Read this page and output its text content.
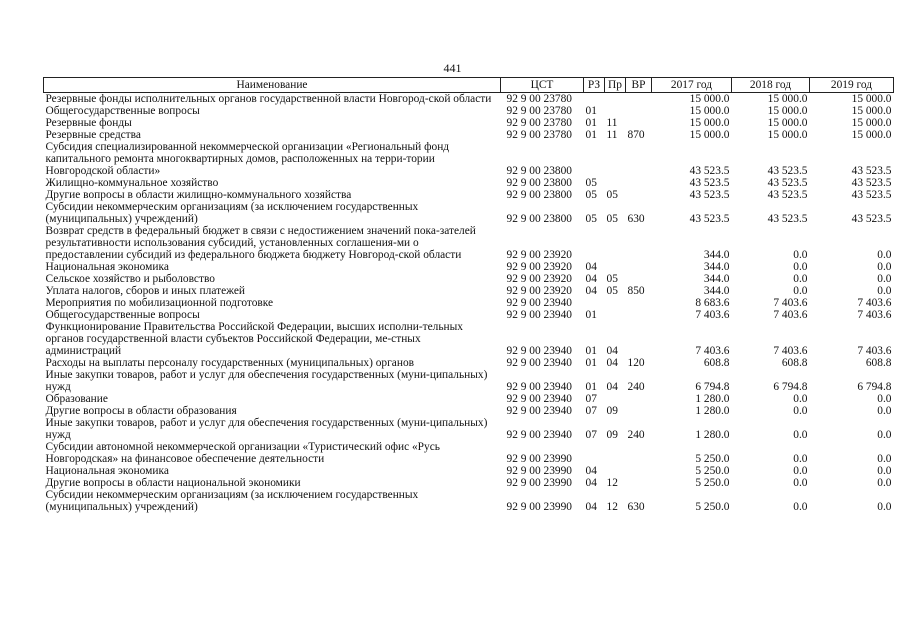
441
Наименование	ЦСТ	РЗ	Пр	ВР	2017 год	2018 год	2019 год
Резервные фонды исполнительных органов государственной власти Новгород-ской области	92 9 00 23780				15 000.0	15 000.0	15 000.0
Общегосударственные вопросы	92 9 00 23780	01			15 000.0	15 000.0	15 000.0
Резервные фонды	92 9 00 23780	01	11		15 000.0	15 000.0	15 000.0
Резервные средства	92 9 00 23780	01	11	870	15 000.0	15 000.0	15 000.0
Субсидия специализированной некоммерческой организации «Региональный фонд капитального ремонта многоквартирных домов, расположенных на терри-тории Новгородской области»	92 9 00 23800				43 523.5	43 523.5	43 523.5
Жилищно-коммунальное хозяйство	92 9 00 23800	05			43 523.5	43 523.5	43 523.5
Другие вопросы в области жилищно-коммунального хозяйства	92 9 00 23800	05	05		43 523.5	43 523.5	43 523.5
Субсидии некоммерческим организациям (за исключением государственных (муниципальных) учреждений)	92 9 00 23800	05	05	630	43 523.5	43 523.5	43 523.5
Возврат средств в федеральный бюджет в связи с недостижением значений пока-зателей результативности использования субсидий, установленных соглашения-ми о предоставлении субсидий из федерального бюджета бюджету Новгород-ской области	92 9 00 23920				344.0	0.0	0.0
Национальная экономика	92 9 00 23920	04			344.0	0.0	0.0
Сельское хозяйство и рыболовство	92 9 00 23920	04	05		344.0	0.0	0.0
Уплата налогов, сборов и иных платежей	92 9 00 23920	04	05	850	344.0	0.0	0.0
Мероприятия по мобилизационной подготовке	92 9 00 23940				8 683.6	7 403.6	7 403.6
Общегосударственные вопросы	92 9 00 23940	01			7 403.6	7 403.6	7 403.6
Функционирование Правительства Российской Федерации, высших исполни-тельных органов государственной власти субъектов Российской Федерации, ме-стных администраций	92 9 00 23940	01	04		7 403.6	7 403.6	7 403.6
Расходы на выплаты персоналу государственных (муниципальных) органов	92 9 00 23940	01	04	120	608.8	608.8	608.8
Иные закупки товаров, работ и услуг для обеспечения государственных (муни-ципальных) нужд	92 9 00 23940	01	04	240	6 794.8	6 794.8	6 794.8
Образование	92 9 00 23940	07			1 280.0	0.0	0.0
Другие вопросы в области образования	92 9 00 23940	07	09		1 280.0	0.0	0.0
Иные закупки товаров, работ и услуг для обеспечения государственных (муни-ципальных) нужд	92 9 00 23940	07	09	240	1 280.0	0.0	0.0
Субсидии автономной некоммерческой организации «Туристический офис «Русь Новгородская» на финансовое обеспечение деятельности	92 9 00 23990				5 250.0	0.0	0.0
Национальная экономика	92 9 00 23990	04			5 250.0	0.0	0.0
Другие вопросы в области национальной экономики	92 9 00 23990	04	12		5 250.0	0.0	0.0
Субсидии некоммерческим организациям (за исключением государственных (муниципальных) учреждений)	92 9 00 23990	04	12	630	5 250.0	0.0	0.0
